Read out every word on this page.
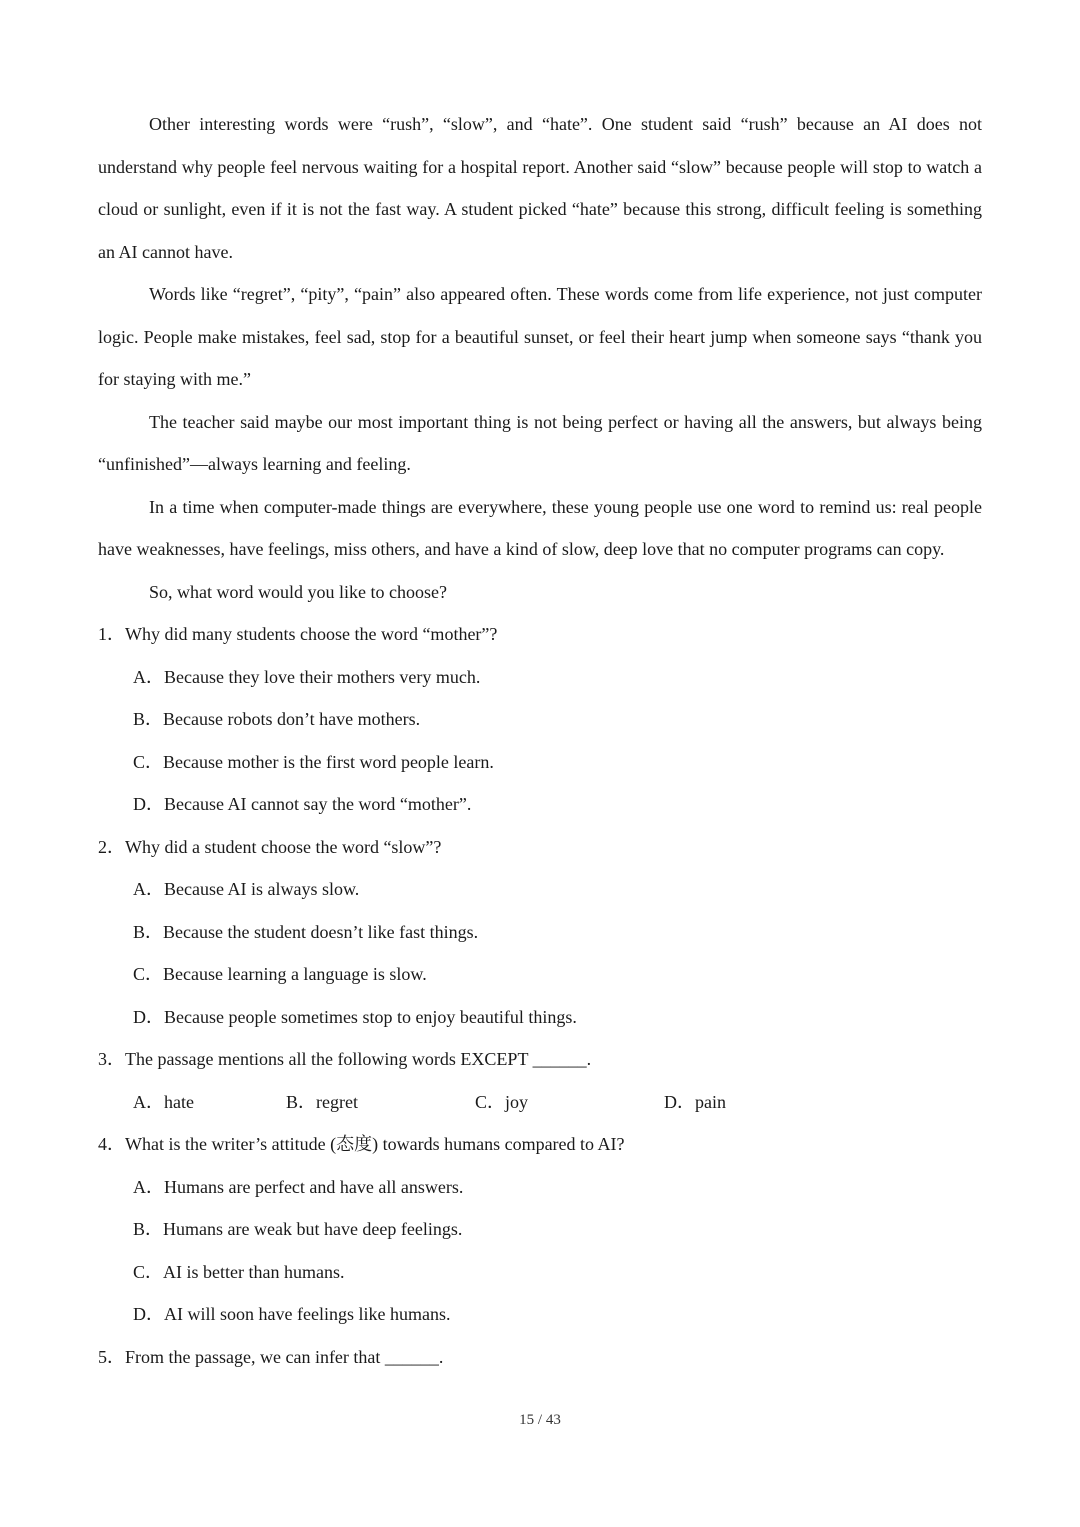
Other interesting words were “rush”, “slow”, and “hate”. One student said “rush” because an AI does not understand why people feel nervous waiting for a hospital report. Another said “slow” because people will stop to watch a cloud or sunlight, even if it is not the fast way. A student picked “hate” because this strong, difficult feeling is something an AI cannot have.

Words like “regret”, “pity”, “pain” also appeared often. These words come from life experience, not just computer logic. People make mistakes, feel sad, stop for a beautiful sunset, or feel their heart jump when someone says “thank you for staying with me.”

The teacher said maybe our most important thing is not being perfect or having all the answers, but always being “unfinished”—always learning and feeling.

In a time when computer-made things are everywhere, these young people use one word to remind us: real people have weaknesses, have feelings, miss others, and have a kind of slow, deep love that no computer programs can copy.

So, what word would you like to choose?

1．Why did many students choose the word “mother”?

A．Because they love their mothers very much.

B．Because robots don’t have mothers.

C．Because mother is the first word people learn.

D．Because AI cannot say the word “mother”.

2．Why did a student choose the word “slow”?

A．Because AI is always slow.

B．Because the student doesn’t like fast things.

C．Because learning a language is slow.

D．Because people sometimes stop to enjoy beautiful things.

3．The passage mentions all the following words EXCEPT ______.

A．hate	B．regret	C．joy	D．pain

4．What is the writer’s attitude (态度) towards humans compared to AI?

A．Humans are perfect and have all answers.

B．Humans are weak but have deep feelings.

C．AI is better than humans.

D．AI will soon have feelings like humans.

5．From the passage, we can infer that ______.

15 / 43
